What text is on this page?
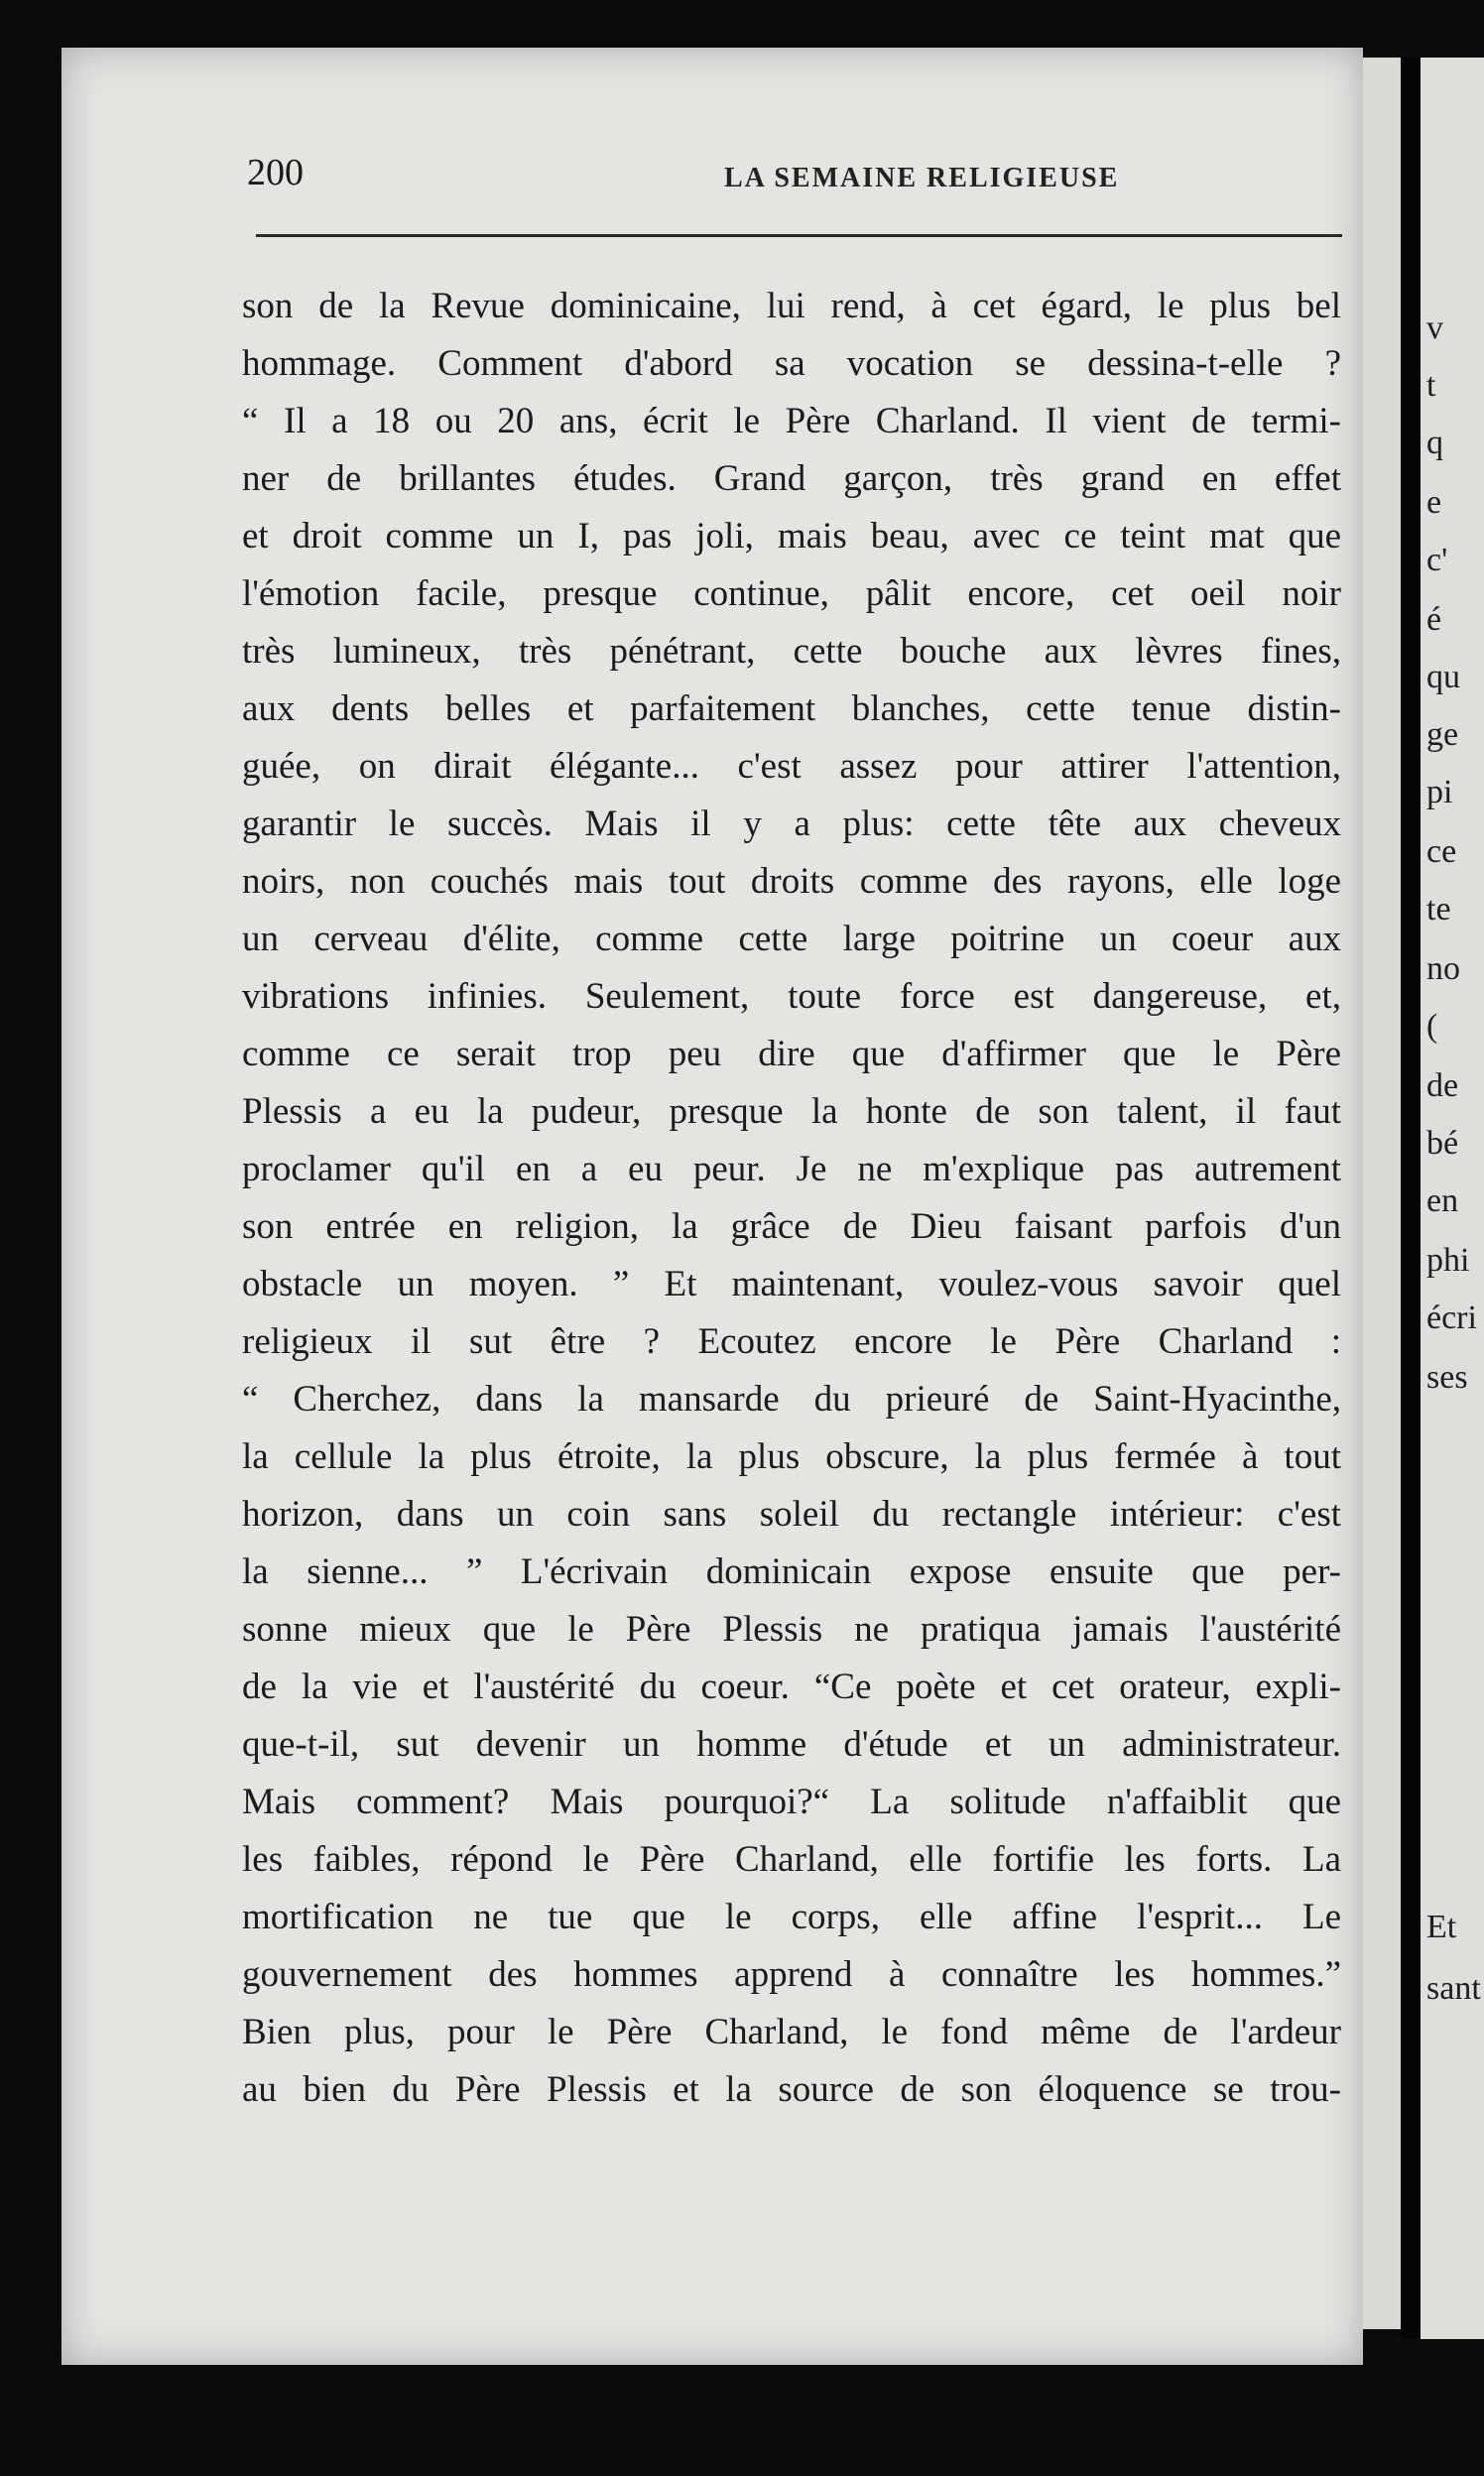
v
t
q
e
c'
é
qu
ge
pi
ce
te
no
(
de
bé
en
phi
écri
ses
Et
sant
200	LA SEMAINE RELIGIEUSE
son de la Revue dominicaine, lui rend, à cet égard, le plus bel
hommage. Comment d'abord sa vocation se dessina-t-elle ?
“ Il a 18 ou 20 ans, écrit le Père Charland. Il vient de termi-
ner de brillantes études. Grand garçon, très grand en effet
et droit comme un I, pas joli, mais beau, avec ce teint mat que
l'émotion facile, presque continue, pâlit encore, cet oeil noir
très lumineux, très pénétrant, cette bouche aux lèvres fines,
aux dents belles et parfaitement blanches, cette tenue distin-
guée, on dirait élégante... c'est assez pour attirer l'attention,
garantir le succès. Mais il y a plus: cette tête aux cheveux
noirs, non couchés mais tout droits comme des rayons, elle loge
un cerveau d'élite, comme cette large poitrine un coeur aux
vibrations infinies. Seulement, toute force est dangereuse, et,
comme ce serait trop peu dire que d'affirmer que le Père
Plessis a eu la pudeur, presque la honte de son talent, il faut
proclamer qu'il en a eu peur. Je ne m'explique pas autrement
son entrée en religion, la grâce de Dieu faisant parfois d'un
obstacle un moyen. ” Et maintenant, voulez-vous savoir quel
religieux il sut être ? Ecoutez encore le Père Charland :
“ Cherchez, dans la mansarde du prieuré de Saint-Hyacinthe,
la cellule la plus étroite, la plus obscure, la plus fermée à tout
horizon, dans un coin sans soleil du rectangle intérieur: c'est
la sienne... ” L'écrivain dominicain expose ensuite que per-
sonne mieux que le Père Plessis ne pratiqua jamais l'austérité
de la vie et l'austérité du coeur. “Ce poète et cet orateur, expli-
que-t-il, sut devenir un homme d'étude et un administrateur.
Mais comment? Mais pourquoi?“ La solitude n'affaiblit que
les faibles, répond le Père Charland, elle fortifie les forts. La
mortification ne tue que le corps, elle affine l'esprit... Le
gouvernement des hommes apprend à connaître les hommes.”
Bien plus, pour le Père Charland, le fond même de l'ardeur
au bien du Père Plessis et la source de son éloquence se trou-
